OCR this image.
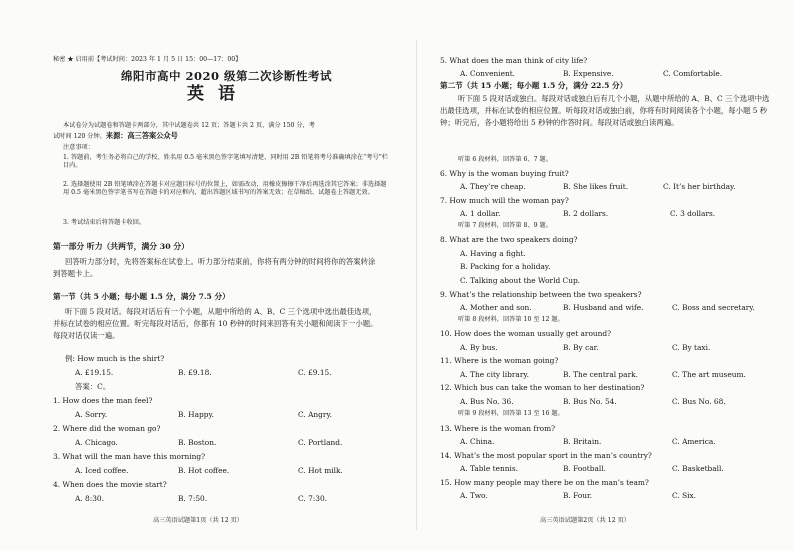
秘密 ★ 启用前【考试时间：2023 年 1 月 5 日 15：00—17：00】
绵阳市高中 2020 级第二次诊断性考试
英语
本试卷分为试题卷和答题卡两部分，其中试题卷共 12 页；答题卡共 2 页，满分 150 分，考
试时间 120 分钟。来源：高三答案公众号
注意事项：
1. 答题前，考生务必将自己的学校、姓名用 0.5 毫米黑色签字笔填写清楚，同时用 2B 铅笔将考号准确填涂在“考号”栏目内。
2. 选择题使用 2B 铅笔填涂在答题卡对应题目标号的位置上，如需改动，用橡皮擦擦干净后再选涂其它答案；非选择题用 0.5 毫米黑色签字笔书写在答题卡的对应框内，超出答题区域书写的答案无效；在草稿纸、试题卷上答题无效。
3. 考试结束后将答题卡收回。
第一部分 听力（共两节，满分 30 分）
回答听力部分时，先将答案标在试卷上。听力部分结束前，你将有两分钟的时间将你的答案转涂到答题卡上。
第一节（共 5 小题；每小题 1.5 分，满分 7.5 分）
听下面 5 段对话。每段对话后有一个小题，从题中所给的 A、B、C 三个选项中选出最佳选项，并标在试卷的相应位置。听完每段对话后，你都有 10 秒钟的时间来回答有关小题和阅读下一小题。每段对话仅读一遍。
例: How much is the shirt?
A. £19.15.	B. £9.18.	C. £9.15.
答案：C。
1. How does the man feel?
A. Sorry.	B. Happy.	C. Angry.
2. Where did the woman go?
A. Chicago.	B. Boston.	C. Portland.
3. What will the man have this morning?
A. Iced coffee.	B. Hot coffee.	C. Hot milk.
4. When does the movie start?
A. 8:30.	B. 7:50.	C. 7:30.
高三英语试题第1页（共 12 页）
5. What does the man think of city life?
A. Convenient.	B. Expensive.	C. Comfortable.
第二节（共 15 小题；每小题 1.5 分，满分 22.5 分）
听下面 5 段对话或独白。每段对话或独白后有几个小题，从题中所给的 A、B、C 三个选项中选出最佳选项，并标在试卷的相应位置。听每段对话或独白前，你将有时间阅读各个小题，每小题 5 秒钟；听完后，各小题将给出 5 秒钟的作答时间。每段对话或独白读两遍。
听第 6 段材料，回答第 6、7 题。
6. Why is the woman buying fruit?
A. They’re cheap.	B. She likes fruit.	C. It’s her birthday.
7. How much will the woman pay?
A. 1 dollar.	B. 2 dollars.	C. 3 dollars.
听第 7 段材料，回答第 8、9 题。
8. What are the two speakers doing?
A. Having a fight.
B. Packing for a holiday.
C. Talking about the World Cup.
9. What’s the relationship between the two speakers?
A. Mother and son.	B. Husband and wife.	C. Boss and secretary.
听第 8 段材料，回答第 10 至 12 题。
10. How does the woman usually get around?
A. By bus.	B. By car.	C. By taxi.
11. Where is the woman going?
A. The city library.	B. The central park.	C. The art museum.
12. Which bus can take the woman to her destination?
A. Bus No. 36.	B. Bus No. 54.	C. Bus No. 68.
听第 9 段材料，回答第 13 至 16 题。
13. Where is the woman from?
A. China.	B. Britain.	C. America.
14. What’s the most popular sport in the man’s country?
A. Table tennis.	B. Football.	C. Basketball.
15. How many people may there be on the man’s team?
A. Two.	B. Four.	C. Six.
高三英语试题第2页（共 12 页）
